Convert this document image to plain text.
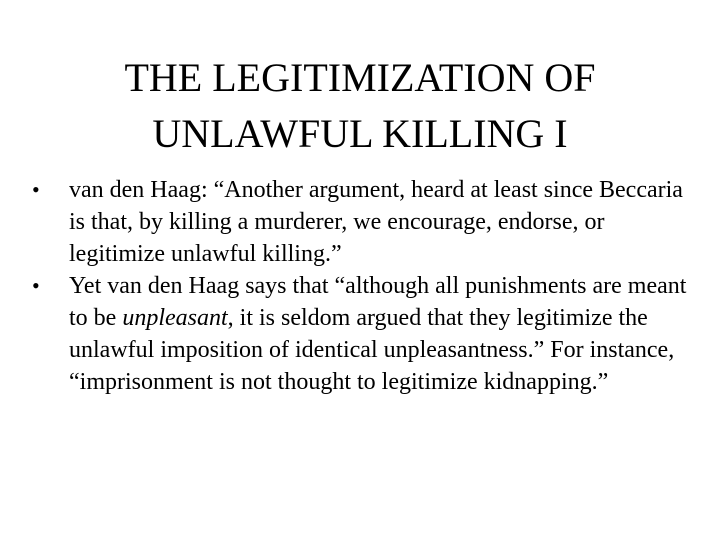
THE LEGITIMIZATION OF
UNLAWFUL KILLING I
•	van den Haag: “Another argument, heard at least since Beccaria is that, by killing a murderer, we encourage, endorse, or legitimize unlawful killing.”
•	Yet van den Haag says that “although all punishments are meant to be unpleasant, it is seldom argued that they legitimize the unlawful imposition of identical unpleasantness.” For instance, “imprisonment is not thought to legitimize kidnapping.”
